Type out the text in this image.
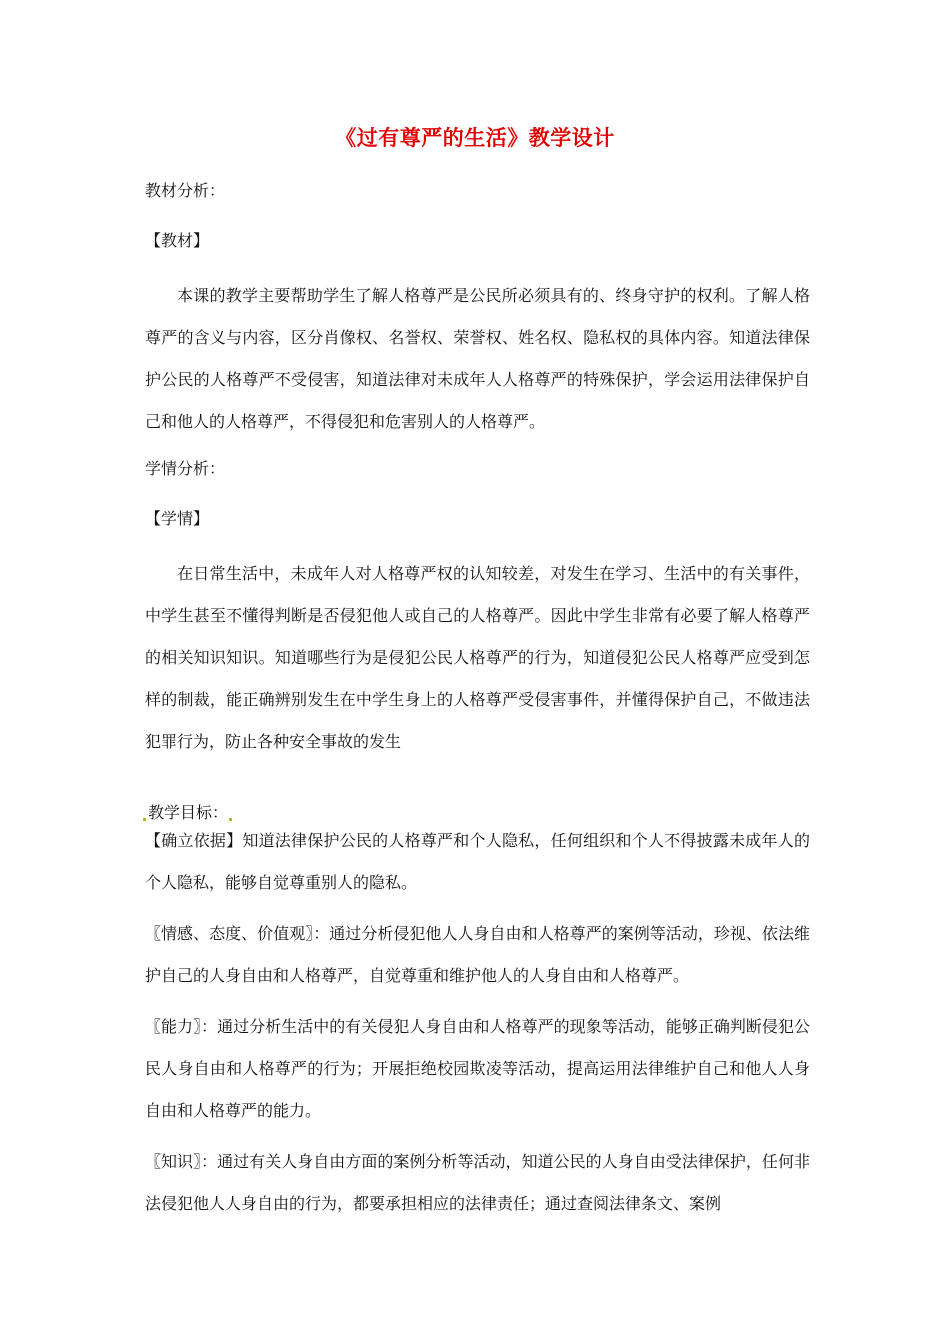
《过有尊严的生活》教学设计
教材分析：
【教材】
本课的教学主要帮助学生了解人格尊严是公民所必须具有的、终身守护的权利。了解人格尊严的含义与内容，区分肖像权、名誉权、荣誉权、姓名权、隐私权的具体内容。知道法律保护公民的人格尊严不受侵害，知道法律对未成年人人格尊严的特殊保护，学会运用法律保护自己和他人的人格尊严，不得侵犯和危害别人的人格尊严。
学情分析：
【学情】
在日常生活中，未成年人对人格尊严权的认知较差，对发生在学习、生活中的有关事件，中学生甚至不懂得判断是否侵犯他人或自己的人格尊严。因此中学生非常有必要了解人格尊严的相关知识知识。知道哪些行为是侵犯公民人格尊严的行为，知道侵犯公民人格尊严应受到怎样的制裁，能正确辨别发生在中学生身上的人格尊严受侵害事件，并懂得保护自己，不做违法犯罪行为，防止各种安全事故的发生
教学目标：
【确立依据】知道法律保护公民的人格尊严和个人隐私，任何组织和个人不得披露未成年人的个人隐私，能够自觉尊重别人的隐私。
〖情感、态度、价值观〗：通过分析侵犯他人人身自由和人格尊严的案例等活动，珍视、依法维护自己的人身自由和人格尊严，自觉尊重和维护他人的人身自由和人格尊严。
〖能力〗：通过分析生活中的有关侵犯人身自由和人格尊严的现象等活动，能够正确判断侵犯公民人身自由和人格尊严的行为；开展拒绝校园欺凌等活动，提高运用法律维护自己和他人人身自由和人格尊严的能力。
〖知识〗：通过有关人身自由方面的案例分析等活动，知道公民的人身自由受法律保护，任何非法侵犯他人人身自由的行为，都要承担相应的法律责任；通过查阅法律条文、案例
